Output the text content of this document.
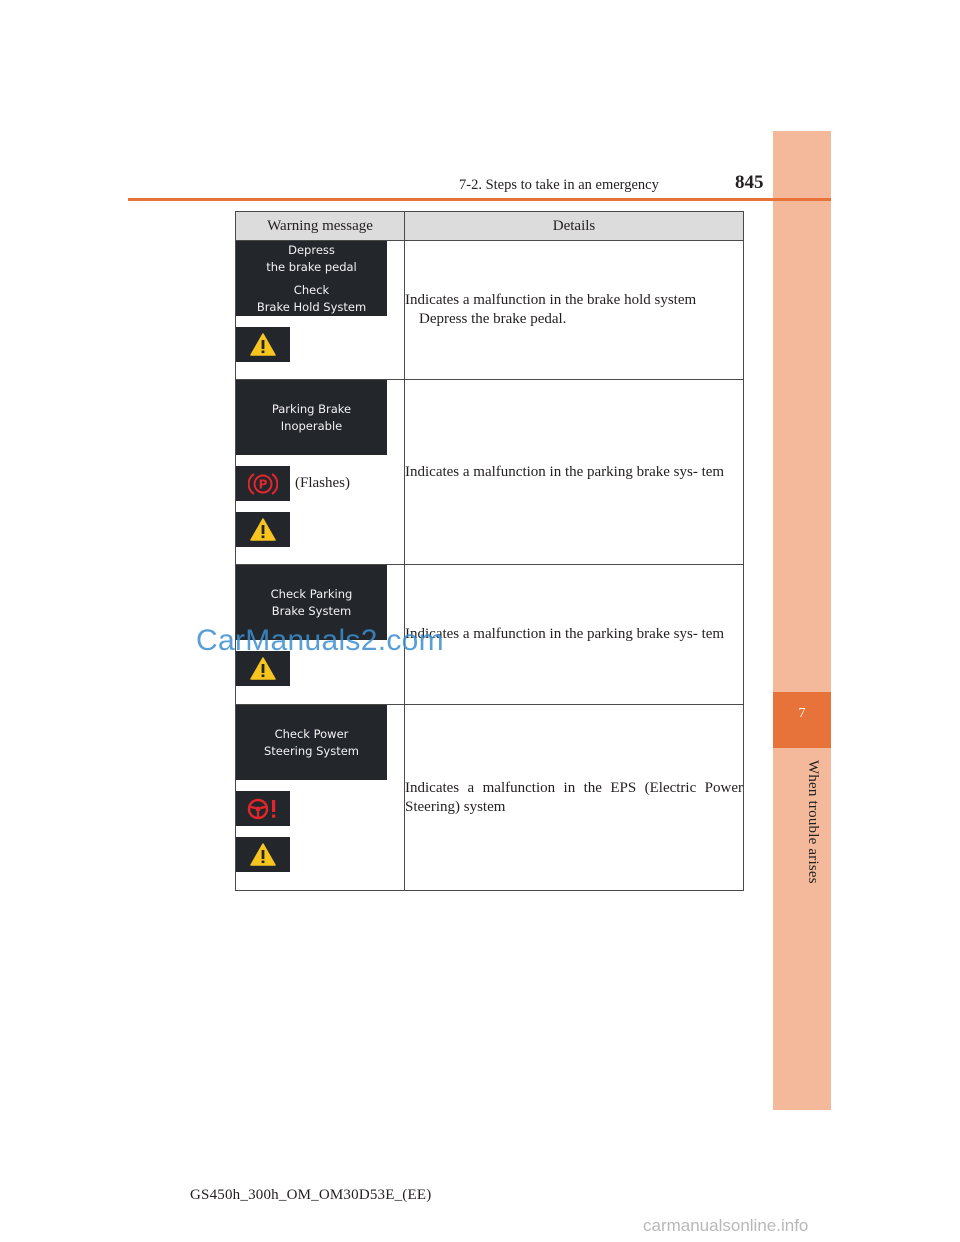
7
When trouble arises
7-2. Steps to take in an emergency	845
Warning message	Details

Depress
the brake pedal
Check
Brake Hold System	Indicates a malfunction in the brake hold system
Depress the brake pedal.

Parking Brake
Inoperable
P (Flashes)	Indicates a malfunction in the parking brake sys- tem

Check Parking
Brake System	Indicates a malfunction in the parking brake sys- tem

Check Power
Steering System	Indicates a malfunction in the EPS (Electric Power Steering) system
GS450h_300h_OM_OM30D53E_(EE)
CarManuals2.com
carmanualsonline.info
